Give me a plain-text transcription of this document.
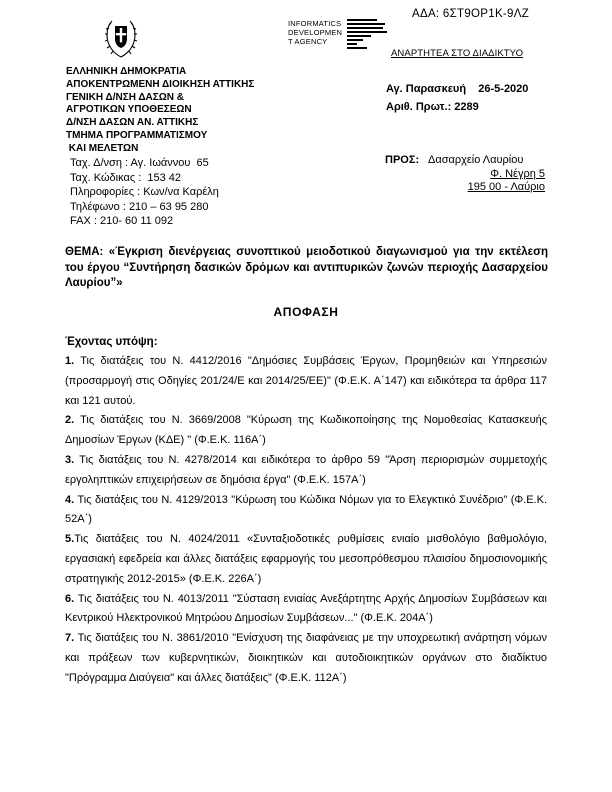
ΑΔΑ: 6ΣΤ9ΟΡ1Κ-9ΛΖ
INFORMATICS
DEVELOPMEN
T AGENCY
ΑΝΑΡΤΗΤΕΑ ΣΤΟ ΔΙΑΔΙΚΤΥΟ
ΕΛΛΗΝΙΚΗ ΔΗΜΟΚΡΑΤΙΑ
ΑΠΟΚΕΝΤΡΩΜΕΝΗ ΔΙΟΙΚΗΣΗ ΑΤΤΙΚΗΣ
ΓΕΝΙΚΗ Δ/ΝΣΗ ΔΑΣΩΝ &
ΑΓΡΟΤΙΚΩΝ ΥΠΟΘΕΣΕΩΝ
Δ/ΝΣΗ ΔΑΣΩΝ ΑΝ. ΑΤΤΙΚΗΣ
ΤΜΗΜΑ ΠΡΟΓΡΑΜΜΑΤΙΣΜΟΥ
ΚΑΙ ΜΕΛΕΤΩΝ
Αγ. Παρασκευή    26-5-2020
Αριθ. Πρωτ.: 2289
Ταχ. Δ/νση : Αγ. Ιωάννου  65
Ταχ. Κώδικας :  153 42
Πληροφορίες : Κων/να Καρέλη
Τηλέφωνο : 210 – 63 95 280
FAX : 210- 60 11 092
ΠΡΟΣ: Δασαρχείο Λαυρίου
Φ. Νέγρη 5
195 00 - Λαύριο
ΘΕΜΑ: «Έγκριση διενέργειας συνοπτικού μειοδοτικού διαγωνισμού για την εκτέλεση του έργου “Συντήρηση δασικών δρόμων και αντιπυρικών ζωνών περιοχής Δασαρχείου Λαυρίου”»
ΑΠΟΦΑΣΗ
Έχοντας υπόψη:

1. Τις διατάξεις του Ν. 4412/2016 "Δημόσιες Συμβάσεις Έργων, Προμηθειών και Υπηρεσιών (προσαρμογή στις Οδηγίες 201/24/Ε και 2014/25/ΕΕ)" (Φ.Ε.Κ. Α΄147) και ειδικότερα τα άρθρα 117 και 121 αυτού.

2. Τις διατάξεις του Ν. 3669/2008 "Κύρωση της Κωδικοποίησης της Νομοθεσίας Κατασκευής Δημοσίων Έργων (ΚΔΕ) " (Φ.Ε.Κ. 116Α΄)

3. Τις διατάξεις του Ν. 4278/2014 και ειδικότερα το άρθρο 59 "Άρση περιορισμών συμμετοχής εργοληπτικών επιχειρήσεων σε δημόσια έργα" (Φ.Ε.Κ. 157Α΄)

4. Τις διατάξεις του Ν. 4129/2013 "Κύρωση του Κώδικα Νόμων για το Ελεγκτικό Συνέδριο" (Φ.Ε.Κ. 52Α΄)

5.Τις διατάξεις του Ν. 4024/2011 «Συνταξιοδοτικές ρυθμίσεις ενιαίο μισθολόγιο βαθμολόγιο, εργασιακή εφεδρεία και άλλες διατάξεις εφαρμογής του μεσοπρόθεσμου πλαισίου δημοσιονομικής στρατηγικής 2012-2015» (Φ.Ε.Κ. 226Α΄)

6. Τις διατάξεις του Ν. 4013/2011 "Σύσταση ενιαίας Ανεξάρτητης Αρχής Δημοσίων Συμβάσεων και Κεντρικού Ηλεκτρονικού Μητρώου Δημοσίων Συμβάσεων..." (Φ.Ε.Κ. 204Α΄)

7. Τις διατάξεις του Ν. 3861/2010 "Ενίσχυση της διαφάνειας με την υποχρεωτική ανάρτηση νόμων και πράξεων των κυβερνητικών, διοικητικών και αυτοδιοικητικών οργάνων στο διαδίκτυο "Πρόγραμμα Διαύγεια" και άλλες διατάξεις" (Φ.Ε.Κ. 112Α΄)
